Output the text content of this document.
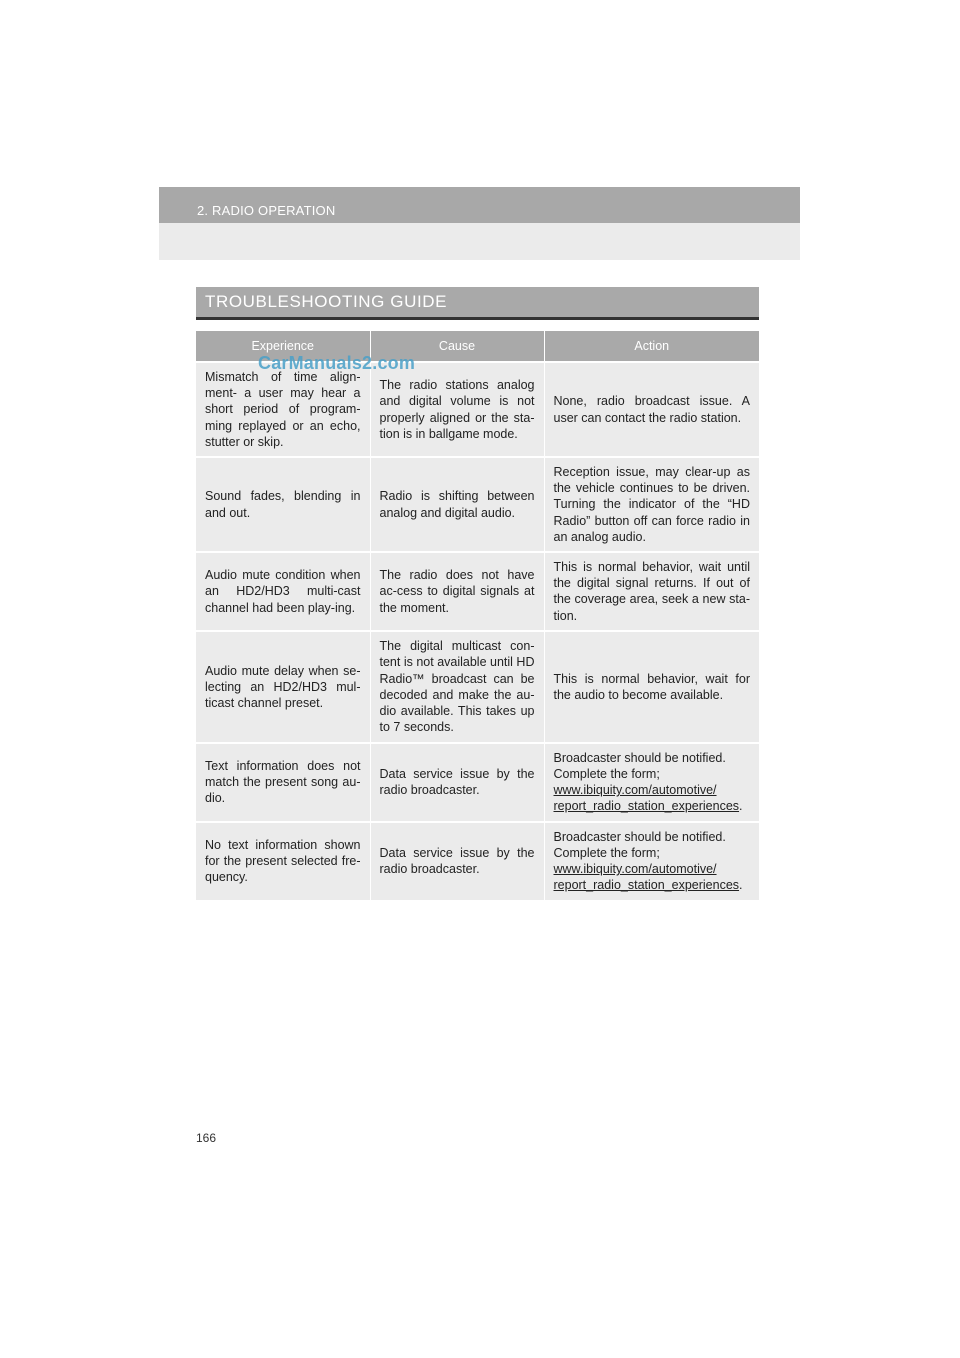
2. RADIO OPERATION
TROUBLESHOOTING GUIDE
Experience	Cause	Action
Mismatch of time align-ment- a user may hear a short period of program-ming replayed or an echo, stutter or skip.	The radio stations analog and digital volume is not properly aligned or the sta-tion is in ballgame mode.	None, radio broadcast issue. A user can contact the radio station.
Sound fades, blending in and out.	Radio is shifting between analog and digital audio.	Reception issue, may clear-up as the vehicle continues to be driven. Turning the indicator of the “HD Radio” button off can force radio in an analog audio.
Audio mute condition when an HD2/HD3 multi-cast channel had been play-ing.	The radio does not have ac-cess to digital signals at the moment.	This is normal behavior, wait until the digital signal returns. If out of the coverage area, seek a new sta-tion.
Audio mute delay when se-lecting an HD2/HD3 mul-ticast channel preset.	The digital multicast con-tent is not available until HD Radio™ broadcast can be decoded and make the au-dio available. This takes up to 7 seconds.	This is normal behavior, wait for the audio to become available.
Text information does not match the present song au-dio.	Data service issue by the radio broadcaster.	Broadcaster should be notified. Complete the form;
www.ibiquity.com/automotive/
report_radio_station_experiences.
No text information shown for the present selected fre-quency.	Data service issue by the radio broadcaster.	Broadcaster should be notified. Complete the form;
www.ibiquity.com/automotive/
report_radio_station_experiences.
CarManuals2.com
166
